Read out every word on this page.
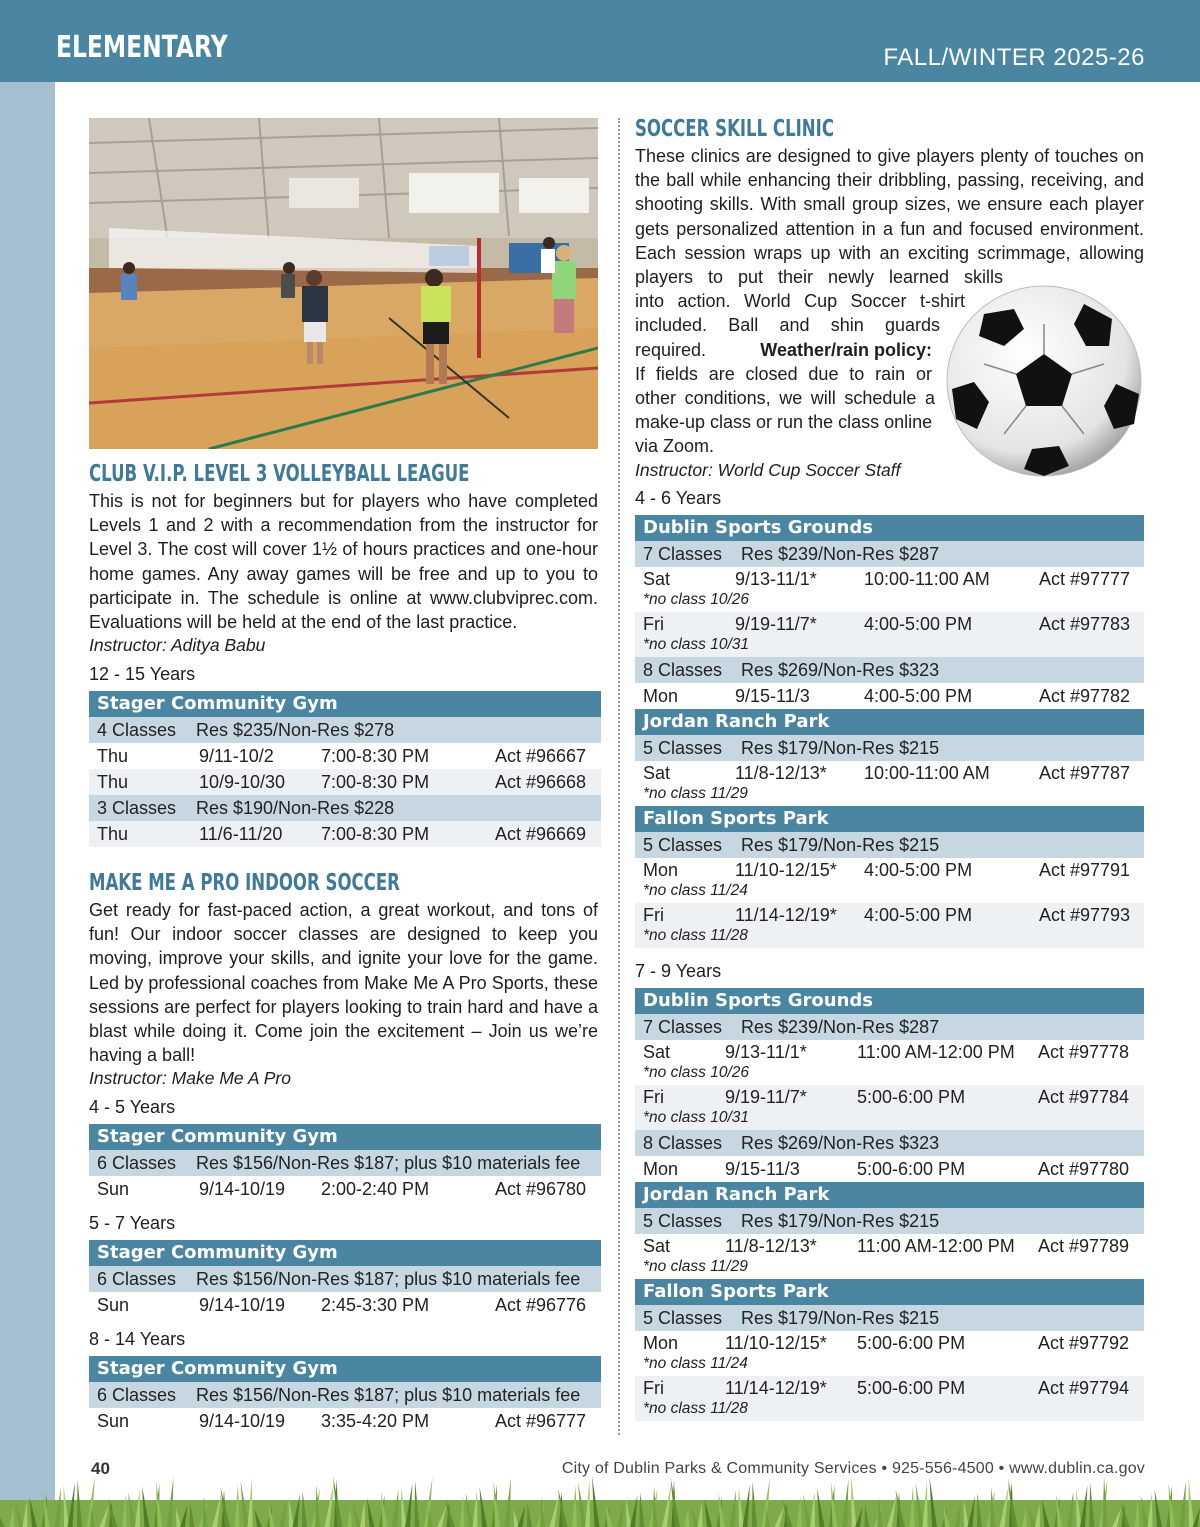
ELEMENTARY	FALL/WINTER 2025-26
CLUB V.I.P. LEVEL 3 VOLLEYBALL LEAGUE
This is not for beginners but for players who have completed Levels 1 and 2 with a recommendation from the instructor for Level 3. The cost will cover 1½ of hours practices and one-hour home games. Any away games will be free and up to you to participate in. The schedule is online at www.clubviprec.com. Evaluations will be held at the end of the last practice.
Instructor: Aditya Babu
12 - 15 Years
Stager Community Gym
4 Classes Res $235/Non-Res $278
Thu	9/11-10/2	7:00-8:30 PM	Act #96667
Thu	10/9-10/30 7:00-8:30 PM	Act #96668
3 Classes Res $190/Non-Res $228
Thu	11/6-11/20 7:00-8:30 PM	Act #96669
MAKE ME A PRO INDOOR SOCCER
Get ready for fast-paced action, a great workout, and tons of fun! Our indoor soccer classes are designed to keep you moving, improve your skills, and ignite your love for the game. Led by professional coaches from Make Me A Pro Sports, these sessions are perfect for players looking to train hard and have a blast while doing it. Come join the excitement – Join us we’re having a ball!
Instructor: Make Me A Pro
4 - 5 Years
Stager Community Gym
6 Classes Res $156/Non-Res $187; plus $10 materials fee
Sun	9/14-10/19 2:00-2:40 PM	Act #96780
5 - 7 Years
Stager Community Gym
6 Classes Res $156/Non-Res $187; plus $10 materials fee
Sun	9/14-10/19 2:45-3:30 PM	Act #96776
8 - 14 Years
Stager Community Gym
6 Classes Res $156/Non-Res $187; plus $10 materials fee
Sun	9/14-10/19 3:35-4:20 PM	Act #96777
SOCCER SKILL CLINIC
These clinics are designed to give players plenty of touches on
the ball while enhancing their dribbling, passing, receiving, and
shooting skills. With small group sizes, we ensure each player
gets personalized attention in a fun and focused environment.
Each session wraps up with an exciting scrimmage, allowing
players to put their newly learned skills
into action. World Cup Soccer t-shirt
included. Ball and shin guards
required.	Weather/rain policy:
If fields are closed due to rain or
other conditions, we will schedule a
make-up class or run the class online
via Zoom.
Instructor: World Cup Soccer Staff
4 - 6 Years
Dublin Sports Grounds
7 Classes Res $239/Non-Res $287
Sat	9/13-11/1*	10:00-11:00 AM	Act #97777
*no class 10/26
Fri	9/19-11/7*	4:00-5:00 PM	Act #97783
*no class 10/31
8 Classes Res $269/Non-Res $323
Mon	9/15-11/3	4:00-5:00 PM	Act #97782
Jordan Ranch Park
5 Classes Res $179/Non-Res $215
Sat	11/8-12/13* 10:00-11:00 AM	Act #97787
*no class 11/29
Fallon Sports Park
5 Classes Res $179/Non-Res $215
Mon	11/10-12/15* 4:00-5:00 PM	Act #97791
*no class 11/24
Fri	11/14-12/19* 4:00-5:00 PM	Act #97793
*no class 11/28
7 - 9 Years
Dublin Sports Grounds
7 Classes Res $239/Non-Res $287
Sat	9/13-11/1*	11:00 AM-12:00 PM Act #97778
*no class 10/26
Fri	9/19-11/7*	5:00-6:00 PM	Act #97784
*no class 10/31
8 Classes Res $269/Non-Res $323
Mon	9/15-11/3	5:00-6:00 PM	Act #97780
Jordan Ranch Park
5 Classes Res $179/Non-Res $215
Sat	11/8-12/13* 11:00 AM-12:00 PM Act #97789
*no class 11/29
Fallon Sports Park
5 Classes Res $179/Non-Res $215
Mon	11/10-12/15* 5:00-6:00 PM	Act #97792
*no class 11/24
Fri	11/14-12/19* 5:00-6:00 PM	Act #97794
*no class 11/28
40	City of Dublin Parks & Community Services • 925-556-4500 • www.dublin.ca.gov
